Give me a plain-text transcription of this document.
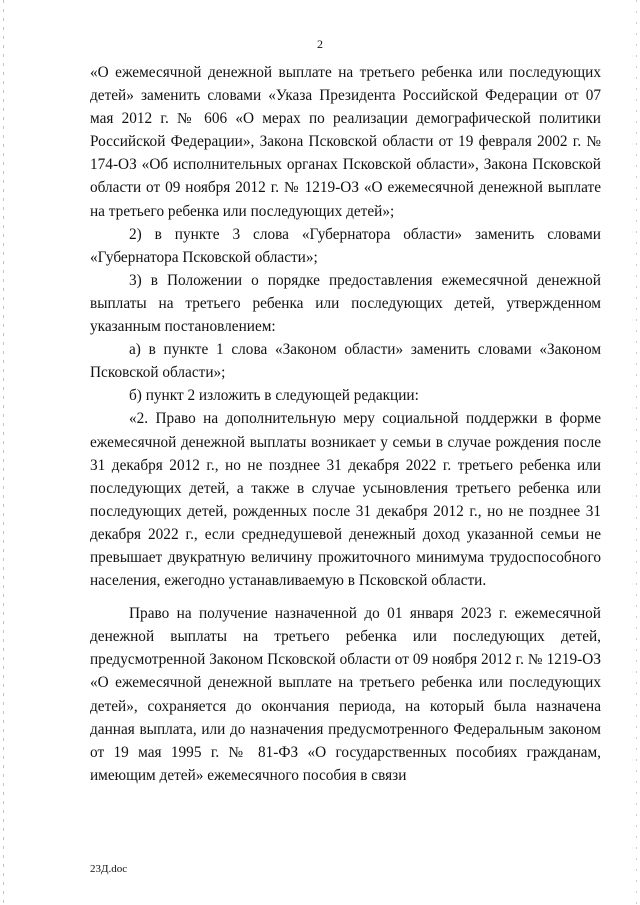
2

«О ежемесячной денежной выплате на третьего ребенка или последующих детей» заменить словами «Указа Президента Российской Федерации от 07 мая 2012 г. № 606 «О мерах по реализации демографической политики Российской Федерации», Закона Псковской области от 19 февраля 2002 г. № 174-ОЗ «Об исполнительных органах Псковской области», Закона Псковской области от 09 ноября 2012 г. № 1219-ОЗ «О ежемесячной денежной выплате на третьего ребенка или последующих детей»;

2) в пункте 3 слова «Губернатора области» заменить словами «Губернатора Псковской области»;

3) в Положении о порядке предоставления ежемесячной денежной выплаты на третьего ребенка или последующих детей, утвержденном указанным постановлением:

а) в пункте 1 слова «Законом области» заменить словами «Законом Псковской области»;

б) пункт 2 изложить в следующей редакции:

«2. Право на дополнительную меру социальной поддержки в форме ежемесячной денежной выплаты возникает у семьи в случае рождения после 31 декабря 2012 г., но не позднее 31 декабря 2022 г. третьего ребенка или последующих детей, а также в случае усыновления третьего ребенка или последующих детей, рожденных после 31 декабря 2012 г., но не позднее 31 декабря 2022 г., если среднедушевой денежный доход указанной семьи не превышает двукратную величину прожиточного минимума трудоспособного населения, ежегодно устанавливаемую в Псковской области.

Право на получение назначенной до 01 января 2023 г. ежемесячной денежной выплаты на третьего ребенка или последующих детей, предусмотренной Законом Псковской области от 09 ноября 2012 г. № 1219-ОЗ «О ежемесячной денежной выплате на третьего ребенка или последующих детей», сохраняется до окончания периода, на который была назначена данная выплата, или до назначения предусмотренного Федеральным законом от 19 мая 1995 г. № 81-ФЗ «О государственных пособиях гражданам, имеющим детей» ежемесячного пособия в связи

23Д.doc
